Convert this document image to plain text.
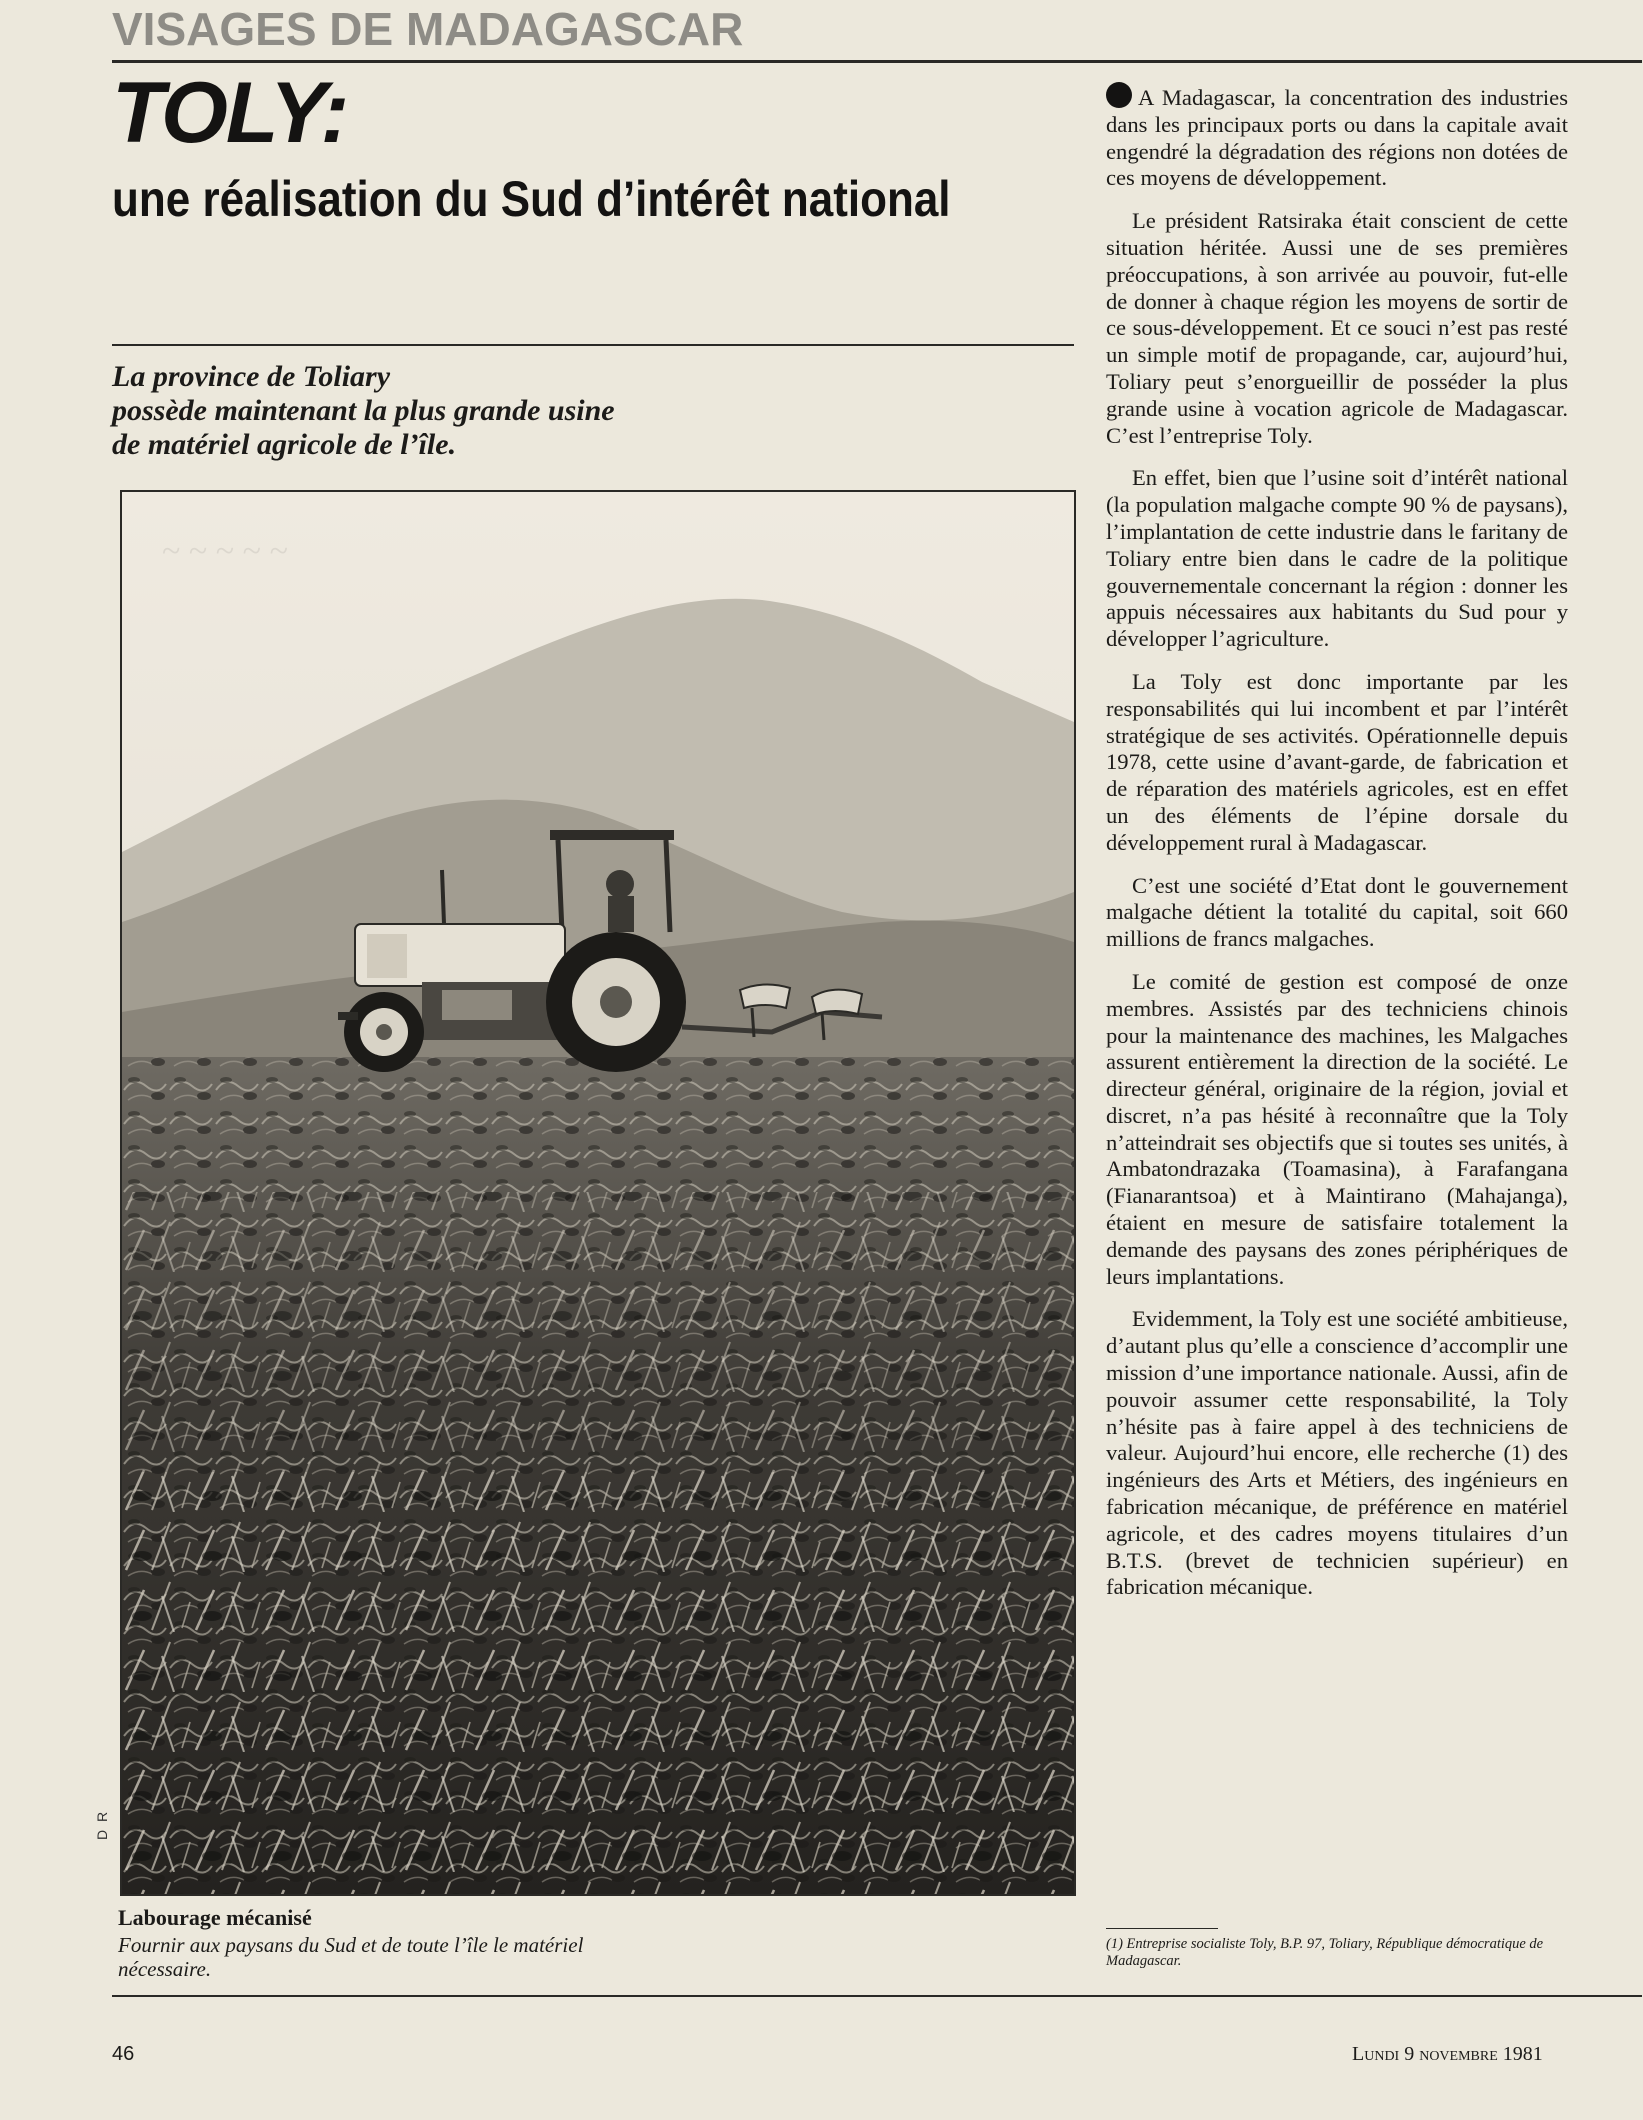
VISAGES DE MADAGASCAR
TOLY:
une réalisation du Sud d’intérêt national
La province de Toliary
possède maintenant la plus grande usine
de matériel agricole de l’île.
~ ~ ~ ~ ~
D R
Labourage mécanisé
Fournir aux paysans du Sud et de toute l’île le matériel nécessaire.

A Madagascar, la concentration des industries dans les principaux ports ou dans la capitale avait engendré la dégradation des régions non dotées de ces moyens de développement.

Le président Ratsiraka était conscient de cette situation héritée. Aussi une de ses premières préoccupations, à son arrivée au pouvoir, fut-elle de donner à chaque région les moyens de sortir de ce sous-développement. Et ce souci n’est pas resté un simple motif de propagande, car, aujourd’hui, Toliary peut s’enorgueillir de posséder la plus grande usine à vocation agricole de Madagascar. C’est l’entreprise Toly.

En effet, bien que l’usine soit d’intérêt national (la population malgache compte 90 % de paysans), l’implantation de cette industrie dans le faritany de Toliary entre bien dans le cadre de la politique gouvernementale concernant la région : donner les appuis nécessaires aux habitants du Sud pour y développer l’agriculture.

La Toly est donc importante par les responsabilités qui lui incombent et par l’intérêt stratégique de ses activités. Opérationnelle depuis 1978, cette usine d’avant-garde, de fabrication et de réparation des matériels agricoles, est en effet un des éléments de l’épine dorsale du développement rural à Madagascar.

C’est une société d’Etat dont le gouvernement malgache détient la totalité du capital, soit 660 millions de francs malgaches.

Le comité de gestion est composé de onze membres. Assistés par des techniciens chinois pour la maintenance des machines, les Malgaches assurent entièrement la direction de la société. Le directeur général, originaire de la région, jovial et discret, n’a pas hésité à reconnaître que la Toly n’atteindrait ses objectifs que si toutes ses unités, à Ambatondrazaka (Toamasina), à Farafangana (Fianarantsoa) et à Maintirano (Mahajanga), étaient en mesure de satisfaire totalement la demande des paysans des zones périphériques de leurs implantations.

Evidemment, la Toly est une société ambitieuse, d’autant plus qu’elle a conscience d’accomplir une mission d’une importance nationale. Aussi, afin de pouvoir assumer cette responsabilité, la Toly n’hésite pas à faire appel à des techniciens de valeur. Aujourd’hui encore, elle recherche (1) des ingénieurs des Arts et Métiers, des ingénieurs en fabrication mécanique, de préférence en matériel agricole, et des cadres moyens titulaires d’un B.T.S. (brevet de technicien supérieur) en fabrication mécanique.

(1) Entreprise socialiste Toly, B.P. 97, Toliary, République démocratique de Madagascar.
46	Lundi 9 novembre 1981
